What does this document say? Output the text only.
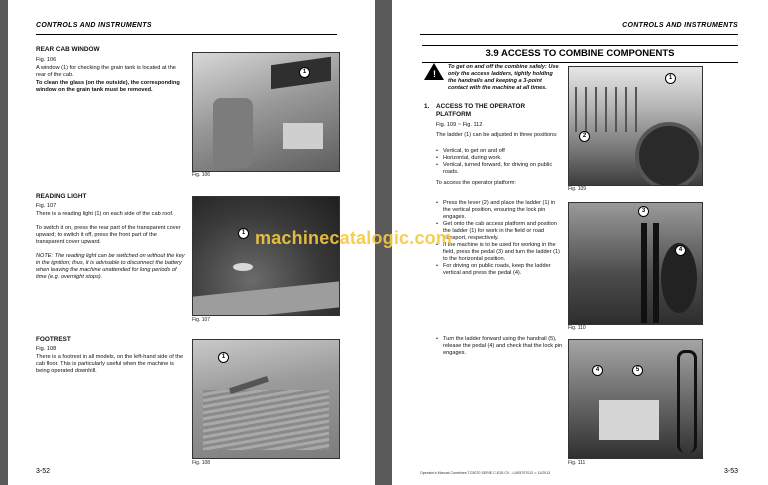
CONTROLS AND INSTRUMENTS
REAR CAB WINDOW
Fig. 106
A window (1) for checking the grain tank is located at the rear of the cab.
To clean the glass (on the outside), the corresponding window on the grain tank must be removed.
1
Fig. 106
READING LIGHT
Fig. 107
There is a reading light (1) on each side of the cab roof.
To switch it on, press the rear part of the transparent cover upward; to switch it off, press the front part of the transparent cover upward.
NOTE: The reading light can be switched on without the key in the ignition; thus, it is advisable to disconnect the battery when leaving the machine unattended for long periods of time (e.g. overnight stops).
1
Fig. 107
FOOTREST
Fig. 108
There is a footrest in all models, on the left-hand side of the cab floor. This is particularly useful when the machine is being operated downhill.
1
Fig. 108
3-52
CONTROLS AND INSTRUMENTS
3.9 ACCESS TO COMBINE COMPONENTS
!
To get on and off the combine safely: Use only the access ladders, tightly holding the handrails and keeping a 3-point contact with the machine at all times.
1. ACCESS TO THE OPERATOR PLATFORM
Fig. 109 ~ Fig. 112
The ladder (1) can be adjusted in three positions:
• Vertical, to get on and off
• Horizontal, during work.
• Vertical, turned forward, for driving on public roads.
To access the operator platform:
• Press the lever (2) and place the ladder (1) in the vertical position, ensuring the lock pin engages.
• Get onto the cab access platform and position the ladder (1) for work in the field or road transport, respectively.
• If the machine is to be used for working in the field, press the pedal (3) and turn the ladder (1) to the horizontal position.
• For driving on public roads, keep the ladder vertical and press the pedal (4).
• Turn the ladder forward using the handrail (5), release the pedal (4) and check that the lock pin engages.
1
2
Fig. 109
3
4
Fig. 110
4	5
Fig. 111
Operator's Manual Combines TC5070 SERIE C-E26 CV - LAS5707012 > 11/2013	3-53
machinecatalogic.com
